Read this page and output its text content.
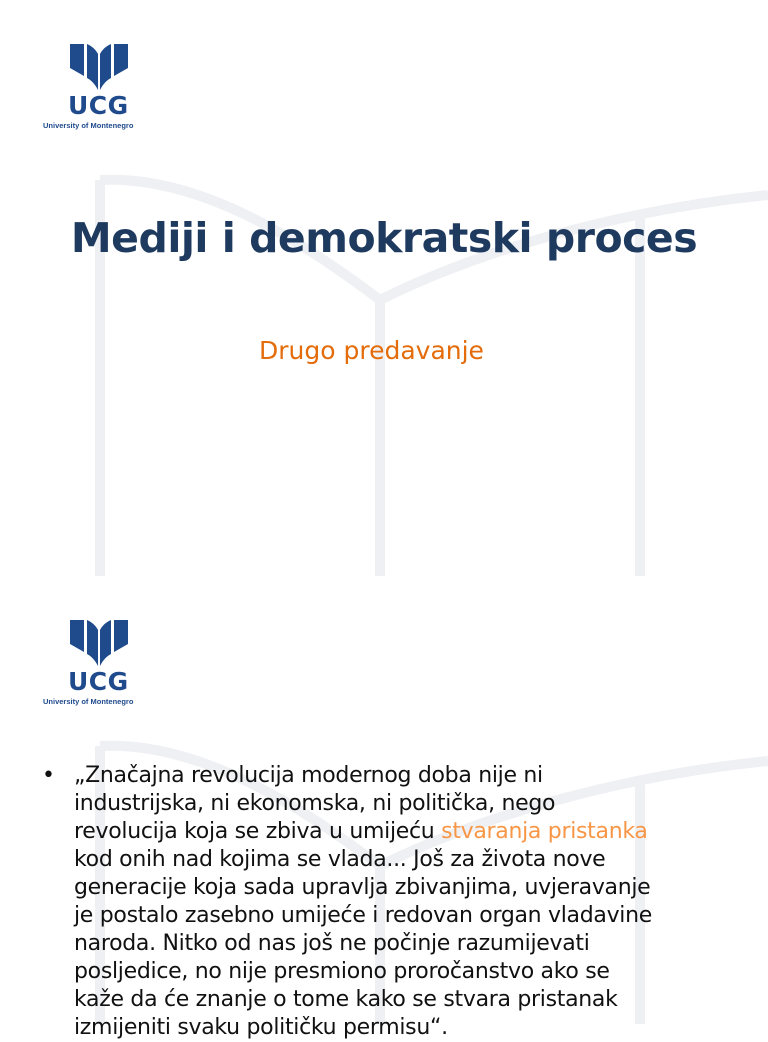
UCG
University of Montenegro
Mediji i demokratski proces
Drugo predavanje
UCG
University of Montenegro
• „Značajna revolucija modernog doba nije ni
industrijska, ni ekonomska, ni politička, nego
revolucija koja se zbiva u umijeću stvaranja pristanka
kod onih nad kojima se vlada... Još za života nove
generacije koja sada upravlja zbivanjima, uvjeravanje
je postalo zasebno umijeće i redovan organ vladavine
naroda. Nitko od nas još ne počinje razumijevati
posljedice, no nije presmiono proročanstvo ako se
kaže da će znanje o tome kako se stvara pristanak
izmijeniti svaku političku permisu“.
